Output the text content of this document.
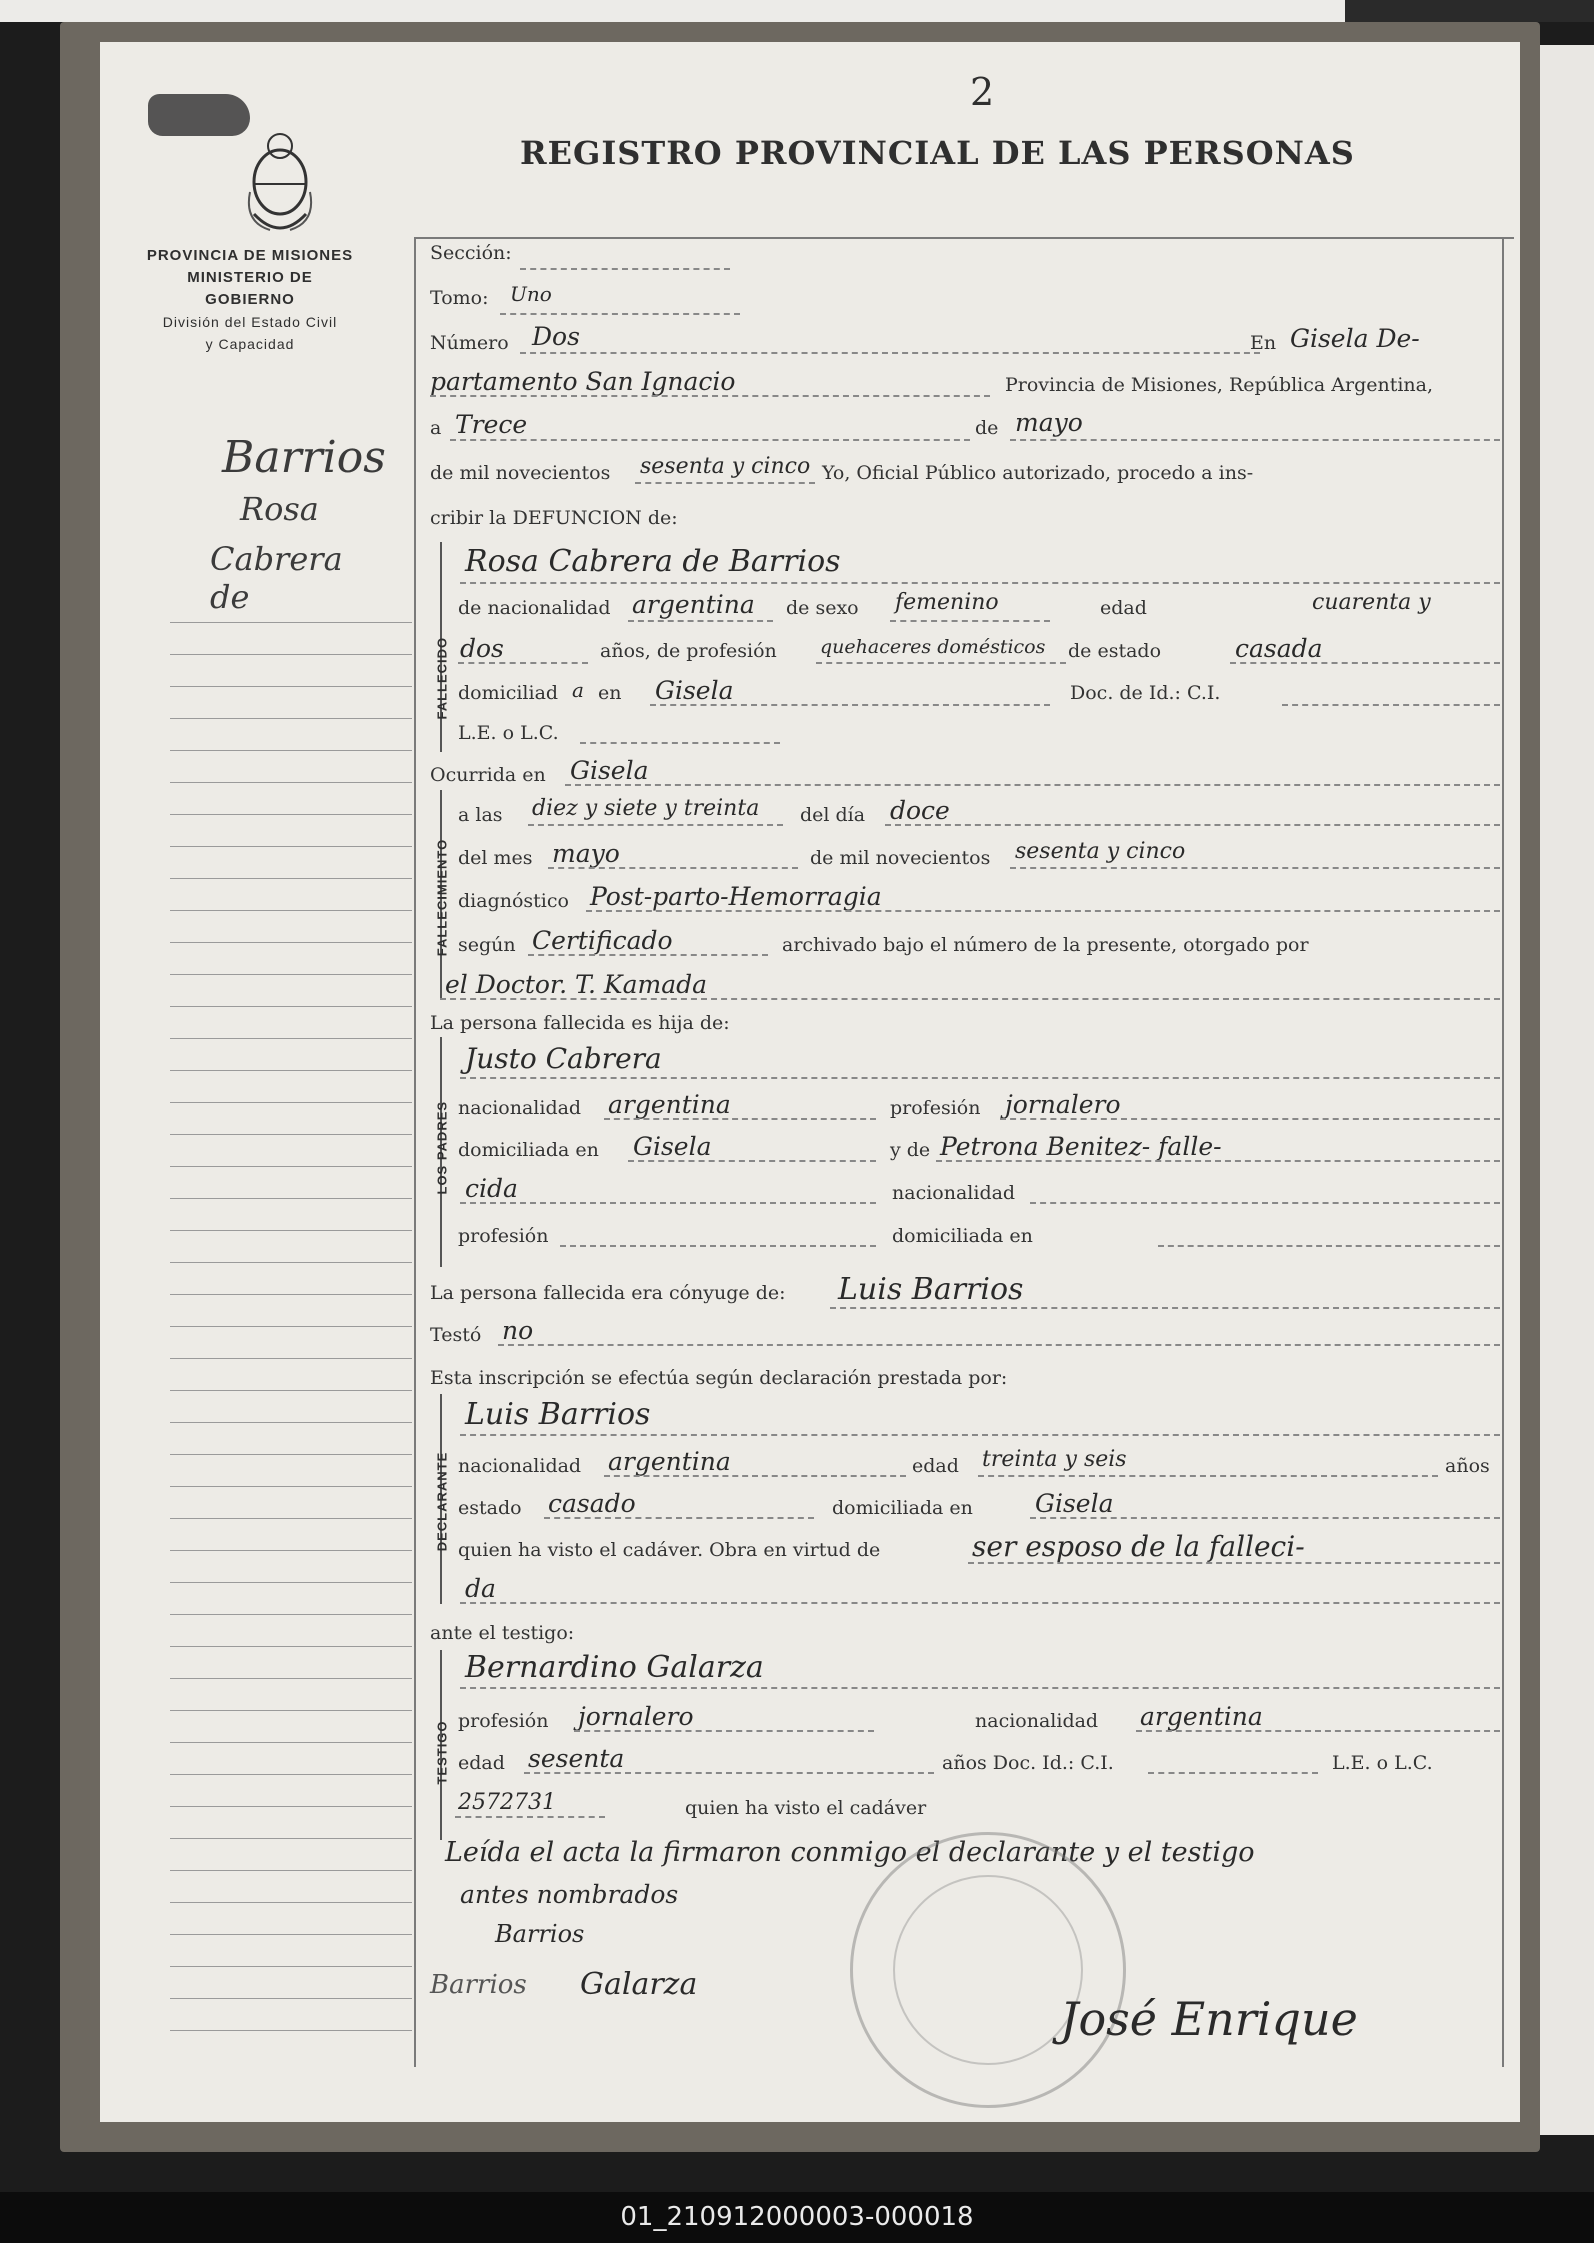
2
REGISTRO PROVINCIAL DE LAS PERSONAS
PROVINCIA DE MISIONES
MINISTERIO DE GOBIERNO
División del Estado Civil
y Capacidad
Barrios
Rosa
Cabrera de
Sección:
Tomo: Uno
Número Dos	En Gisela De-
partamento San Ignacio	Provincia de Misiones, República Argentina,
a Trece	de mayo
de mil novecientos sesenta y cinco Yo, Oficial Público autorizado, procedo a ins-
cribir la DEFUNCION de:
FALLECIDO
Rosa Cabrera de Barrios
de nacionalidad argentina de sexo femenino	edad	cuarenta y
dos	años, de profesión quehaceres domésticos de estado	casada
domiciliad a en Gisela	Doc. de Id.: C.I.
L.E. o L.C.
Ocurrida en Gisela
FALLECIMIENTO
a las diez y siete y treinta del día doce
del mes mayo	de mil novecientos sesenta y cinco
diagnóstico Post-parto-Hemorragia
según Certificado	archivado bajo el número de la presente, otorgado por
el Doctor. T. Kamada
La persona fallecida es hija de:
LOS PADRES
Justo Cabrera
nacionalidad argentina	profesión jornalero
domiciliada en Gisela	y de Petrona Benitez- falle-
cida	nacionalidad
profesión	domiciliada en
La persona fallecida era cónyuge de: Luis Barrios
Testó no
Esta inscripción se efectúa según declaración prestada por:
DECLARANTE
Luis Barrios
nacionalidad argentina	edad treinta y seis	años
estado casado	domiciliada en Gisela
quien ha visto el cadáver. Obra en virtud de	ser esposo de la falleci-
da
ante el testigo:
TESTIGO
Bernardino Galarza
profesión jornalero	nacionalidad argentina
edad sesenta	años Doc. Id.: C.I.	L.E. o L.C.
2572731	quien ha visto el cadáver
Leída el acta la firmaron conmigo el declarante y el testigo
antes nombrados
Barrios
Barrios Galarza
José Enrique
01_210912000003-000018
